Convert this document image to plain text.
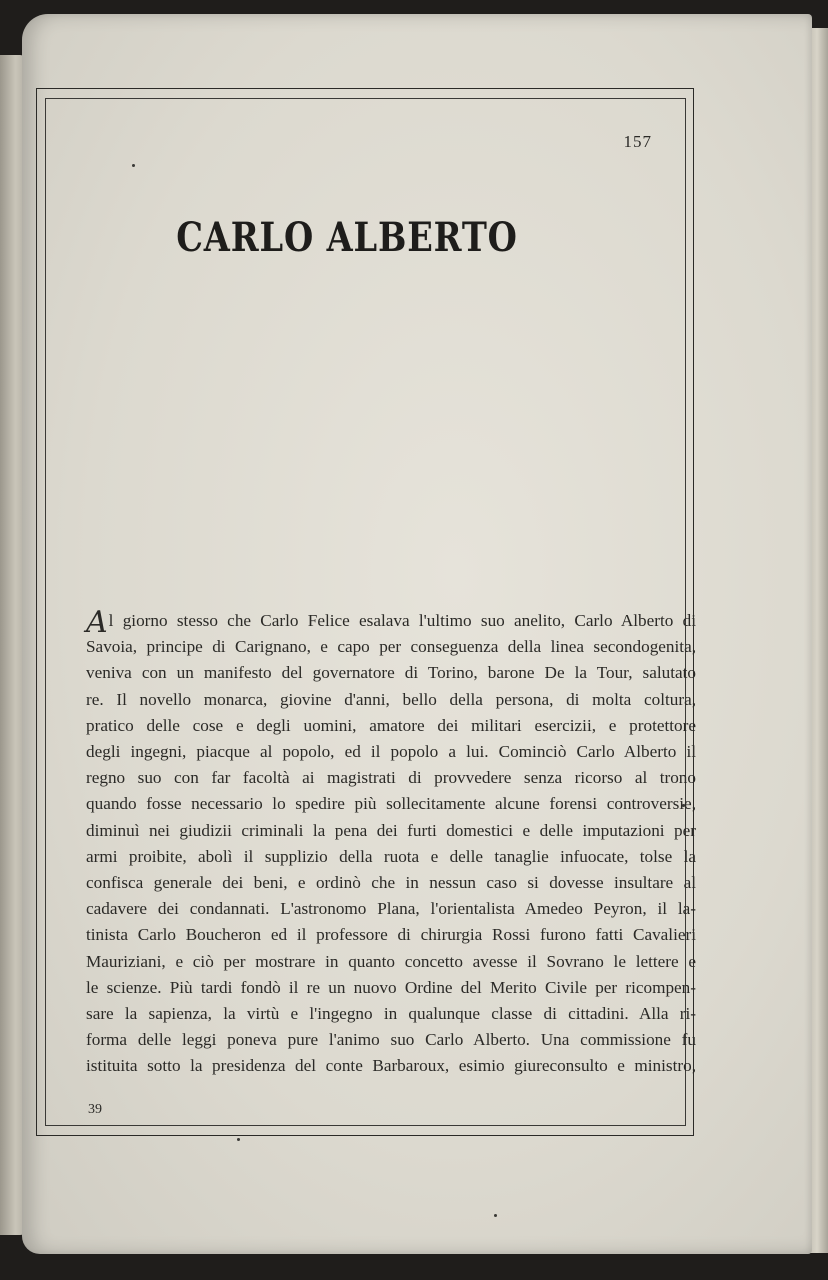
157
CARLO ALBERTO
Al giorno stesso che Carlo Felice esalava l'ultimo suo anelito, Carlo Alberto di
Savoia, principe di Carignano, e capo per conseguenza della linea secondogenita,
veniva con un manifesto del governatore di Torino, barone De la Tour, salutato
re. Il novello monarca, giovine d'anni, bello della persona, di molta coltura,
pratico delle cose e degli uomini, amatore dei militari esercizii, e protettore
degli ingegni, piacque al popolo, ed il popolo a lui. Cominciò Carlo Alberto il
regno suo con far facoltà ai magistrati di provvedere senza ricorso al trono
quando fosse necessario lo spedire più sollecitamente alcune forensi controversie,
diminuì nei giudizii criminali la pena dei furti domestici e delle imputazioni per
armi proibite, abolì il supplizio della ruota e delle tanaglie infuocate, tolse la
confisca generale dei beni, e ordinò che in nessun caso si dovesse insultare al
cadavere dei condannati. L'astronomo Plana, l'orientalista Amedeo Peyron, il la-
tinista Carlo Boucheron ed il professore di chirurgia Rossi furono fatti Cavalieri
Mauriziani, e ciò per mostrare in quanto concetto avesse il Sovrano le lettere e
le scienze. Più tardi fondò il re un nuovo Ordine del Merito Civile per ricompen-
sare la sapienza, la virtù e l'ingegno in qualunque classe di cittadini. Alla ri-
forma delle leggi poneva pure l'animo suo Carlo Alberto. Una commissione fu
istituita sotto la presidenza del conte Barbaroux, esimio giureconsulto e ministro,
39
